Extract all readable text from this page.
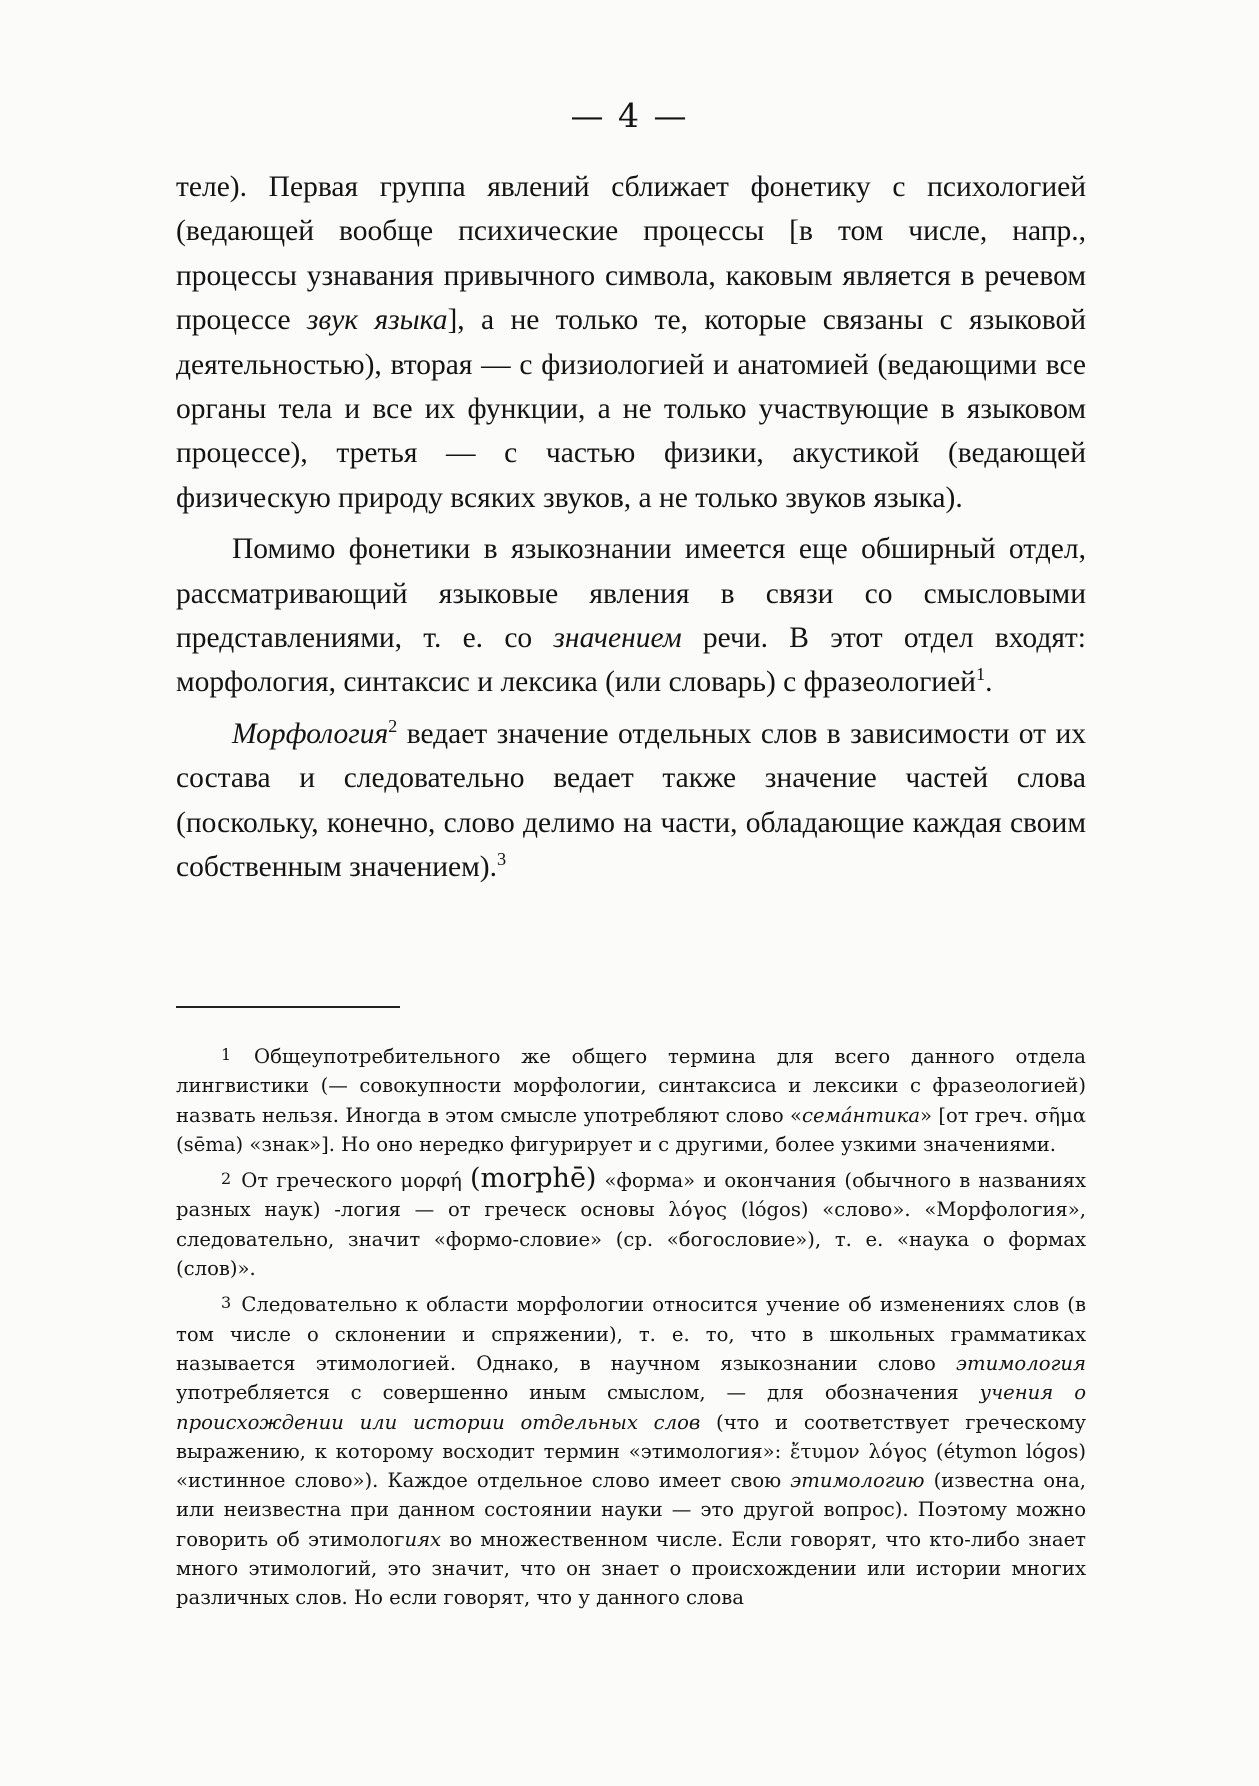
— 4 —

теле). Первая группа явлений сближает фонетику с психологией (ведающей вообще психические процессы [в том числе, напр., процессы узнавания привычного символа, каковым является в речевом процессе звук языка], а не только те, которые связаны с языковой деятельностью), вторая — с физиологией и анатомией (ведающими все органы тела и все их функции, а не только участвующие в языковом процессе), третья — с частью физики, акустикой (ведающей физическую природу всяких звуков, а не только звуков языка).

Помимо фонетики в языкознании имеется еще обширный отдел, рассматривающий языковые явления в связи со смысловыми представлениями, т. е. со значением речи. В этот отдел входят: морфология, синтаксис и лексика (или словарь) с фразеологией$^1$.

Морфология$^2$ ведает значение отдельных слов в зависимости от их состава и следовательно ведает также значение частей слова (поскольку, конечно, слово делимо на части, обладающие каждая своим собственным значением).$^3$

1 Общеупотребительного же общего термина для всего данного отдела лингвистики (— совокупности морфологии, синтаксиса и лексики с фразеологией) назвать нельзя. Иногда в этом смысле употребляют слово «семáнтика» [от греч. σῆμα (sēma) «знак»]. Но оно нередко фигурирует и с другими, более узкими значениями.

2 От греческого μορφή (morphē) «форма» и окончания (обычного в названиях разных наук) -логия — от греческ основы λόγος (lógos) «слово». «Морфология», следовательно, значит «формо-словие» (ср. «богословие»), т. е. «наука о формах (слов)».

3 Следовательно к области морфологии относится учение об изменениях слов (в том числе о склонении и спряжении), т. е. то, что в школьных грамматиках называется этимологией. Однако, в научном языкознании слово этимология употребляется с совершенно иным смыслом, — для обозначения учения о происхождении или истории отдельных слов (что и соответствует греческому выражению, к которому восходит термин «этимология»: ἔτυμον λόγος (étymon lógos) «истинное слово»). Каждое отдельное слово имеет свою этимологию (известна она, или неизвестна при данном состоянии науки — это другой вопрос). Поэтому можно говорить об этимологиях во множественном числе. Если говорят, что кто-либо знает много этимологий, это значит, что он знает о происхождении или истории многих различных слов. Но если говорят, что у данного слова
